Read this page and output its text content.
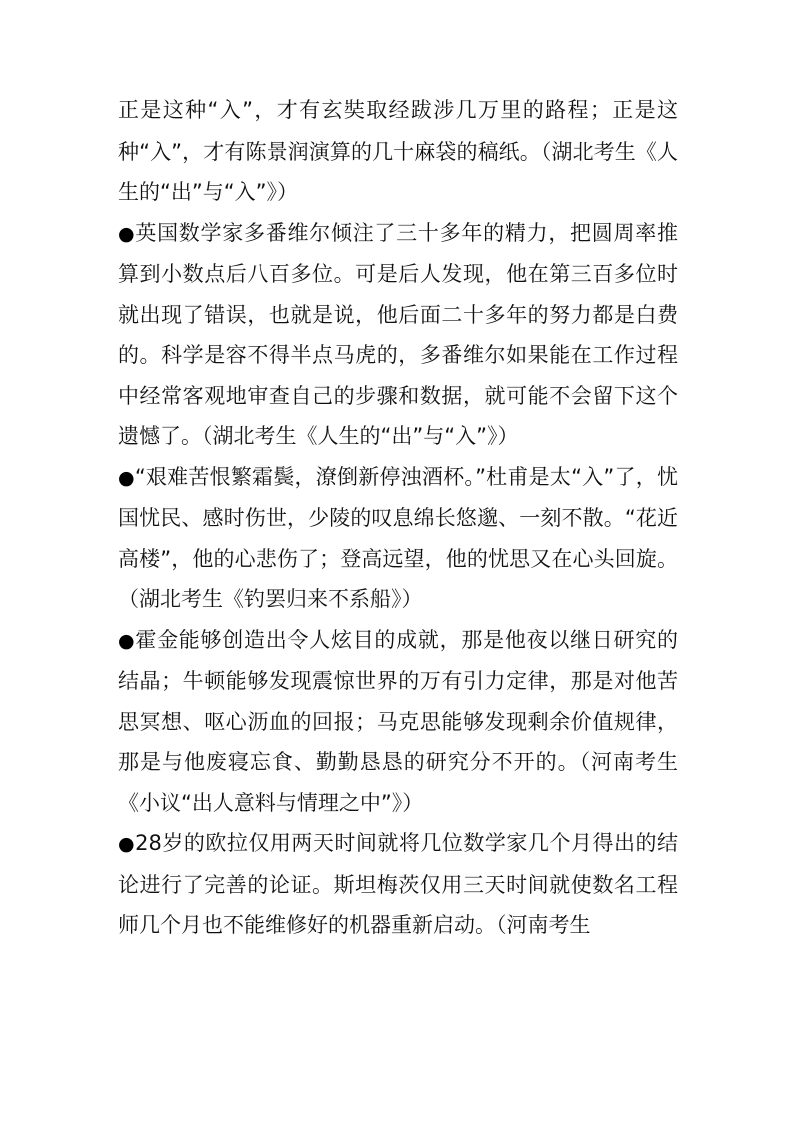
正是这种“入”，才有玄奘取经跋涉几万里的路程；正是这种“入”，才有陈景润演算的几十麻袋的稿纸。（湖北考生《人生的“出”与“入”》）

●英国数学家多番维尔倾注了三十多年的精力，把圆周率推算到小数点后八百多位。可是后人发现，他在第三百多位时就出现了错误，也就是说，他后面二十多年的努力都是白费的。科学是容不得半点马虎的，多番维尔如果能在工作过程中经常客观地审查自己的步骤和数据，就可能不会留下这个遗憾了。（湖北考生《人生的“出”与“入”》）

●“艰难苦恨繁霜鬓，潦倒新停浊酒杯。”杜甫是太“入”了，忧国忧民、感时伤世，少陵的叹息绵长悠邈、一刻不散。“花近高楼”，他的心悲伤了；登高远望，他的忧思又在心头回旋。（湖北考生《钓罢归来不系船》）

●霍金能够创造出令人炫目的成就，那是他夜以继日研究的结晶；牛顿能够发现震惊世界的万有引力定律，那是对他苦思冥想、呕心沥血的回报；马克思能够发现剩余价值规律，那是与他废寝忘食、勤勤恳恳的研究分不开的。（河南考生《小议“出人意料与情理之中”》）

●28岁的欧拉仅用两天时间就将几位数学家几个月得出的结论进行了完善的论证。斯坦梅茨仅用三天时间就使数名工程师几个月也不能维修好的机器重新启动。（河南考生
